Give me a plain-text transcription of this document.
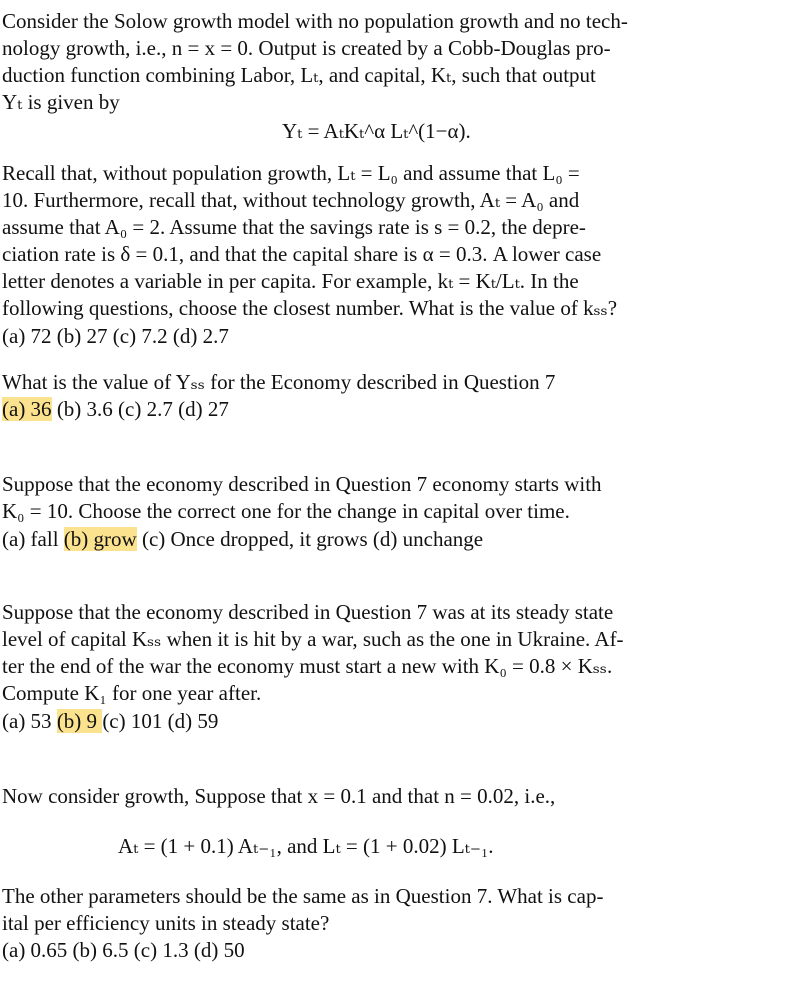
Consider the Solow growth model with no population growth and no tech-
nology growth, i.e., n = x = 0. Output is created by a Cobb-Douglas pro-
duction function combining Labor, Lₜ, and capital, Kₜ, such that output
Yₜ is given by
Yₜ = AₜKₜ^α Lₜ^(1−α).
Recall that, without population growth, Lₜ = L₀ and assume that L₀ =
10. Furthermore, recall that, without technology growth, Aₜ = A₀ and
assume that A₀ = 2. Assume that the savings rate is s = 0.2, the depre-
ciation rate is δ = 0.1, and that the capital share is α = 0.3. A lower case
letter denotes a variable in per capita. For example, kₜ = Kₜ/Lₜ. In the
following questions, choose the closest number. What is the value of kₛₛ?
(a) 72 (b) 27 (c) 7.2 (d) 2.7
What is the value of Yₛₛ for the Economy described in Question 7
(a) 36 (b) 3.6 (c) 2.7 (d) 27
Suppose that the economy described in Question 7 economy starts with
K₀ = 10. Choose the correct one for the change in capital over time.
(a) fall (b) grow (c) Once dropped, it grows (d) unchange
Suppose that the economy described in Question 7 was at its steady state
level of capital Kₛₛ when it is hit by a war, such as the one in Ukraine. Af-
ter the end of the war the economy must start a new with K₀ = 0.8 × Kₛₛ.
Compute K₁ for one year after.
(a) 53 (b) 9 (c) 101 (d) 59
Now consider growth, Suppose that x = 0.1 and that n = 0.02, i.e.,
Aₜ = (1 + 0.1) Aₜ₋₁, and Lₜ = (1 + 0.02) Lₜ₋₁.
The other parameters should be the same as in Question 7. What is cap-
ital per efficiency units in steady state?
(a) 0.65 (b) 6.5 (c) 1.3 (d) 50
